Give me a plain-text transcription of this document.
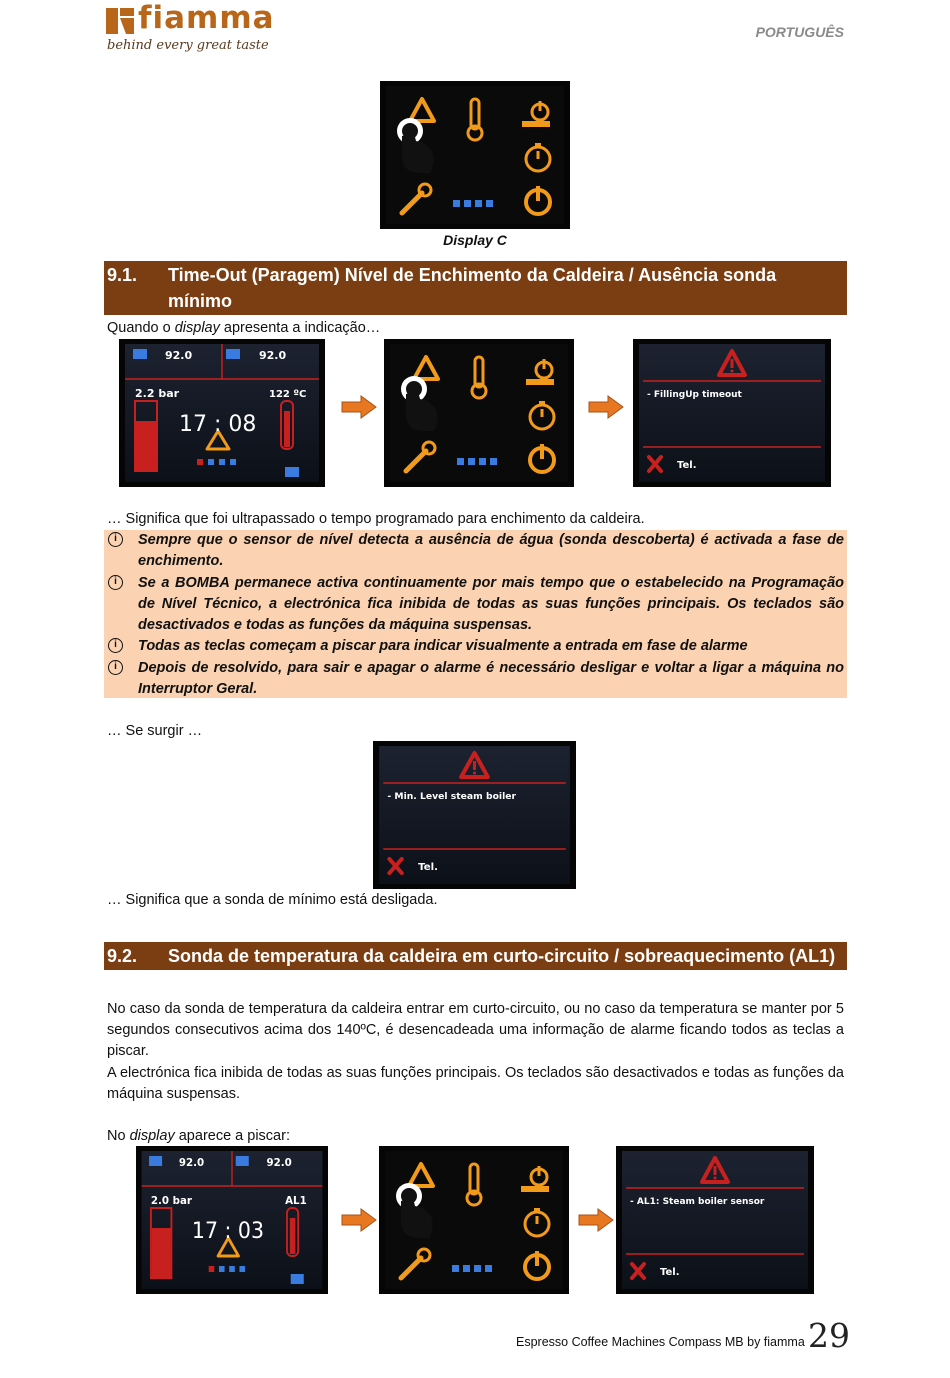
fiamma
behind every great taste
PORTUGUÊS
Display C
9.1. Time-Out (Paragem) Nível de Enchimento da Caldeira / Ausência sonda mínimo
Quando o display apresenta a indicação…
92.0	92.0
2.2 bar	122 ºC
17 : 08
- FillingUp timeout
Tel.
… Significa que foi ultrapassado o tempo programado para enchimento da caldeira.
i	Sempre que o sensor de nível detecta a ausência de água (sonda descoberta) é activada a fase de enchimento.
i	Se a BOMBA permanece activa continuamente por mais tempo que o estabelecido na Programação de Nível Técnico, a electrónica fica inibida de todas as suas funções principais. Os teclados são desactivados e todas as funções da máquina suspensas.
i	Todas as teclas começam a piscar para indicar visualmente a entrada em fase de alarme
i	Depois de resolvido, para sair e apagar o alarme é necessário desligar e voltar a ligar a máquina no Interruptor Geral.
… Se surgir …
- Min. Level steam boiler
Tel.
… Significa que a sonda de mínimo está desligada.
9.2. Sonda de temperatura da caldeira em curto-circuito / sobreaquecimento (AL1)
No caso da sonda de temperatura da caldeira entrar em curto-circuito, ou no caso da temperatura se manter por 5 segundos consecutivos acima dos 140ºC, é desencadeada uma informação de alarme ficando todos as teclas a piscar.
A electrónica fica inibida de todas as suas funções principais. Os teclados são desactivados e todas as funções da máquina suspensas.
No display aparece a piscar:
92.0	92.0
2.0 bar	AL1
17 : 03
- AL1: Steam boiler sensor
Tel.
Espresso Coffee Machines Compass MB by fiamma 29
